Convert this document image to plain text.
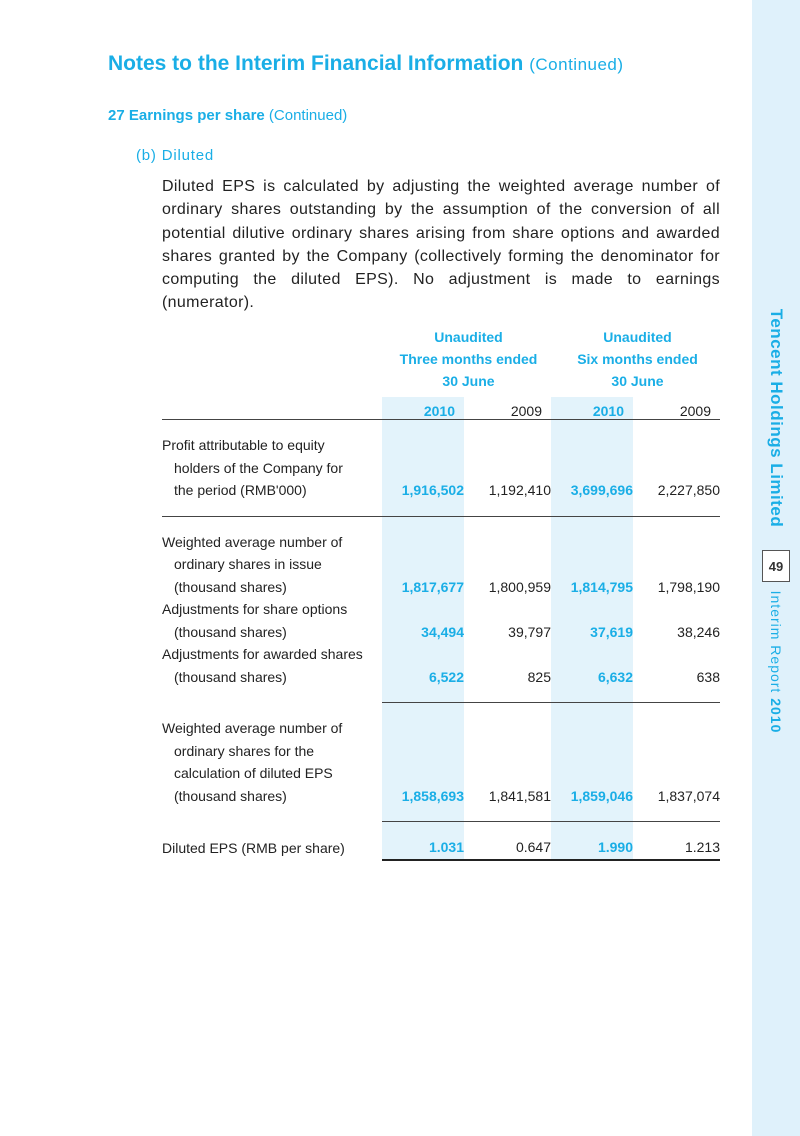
Tencent Holdings Limited
49
Interim Report 2010
Notes to the Interim Financial Information (Continued)
27 Earnings per share (Continued)
(b) Diluted

Diluted EPS is calculated by adjusting the weighted average number of ordinary shares outstanding by the assumption of the conversion of all potential dilutive ordinary shares arising from share options and awarded shares granted by the Company (collectively forming the denominator for computing the diluted EPS). No adjustment is made to earnings (numerator).

Unaudited
Three months ended
30 June
Unaudited
Six months ended
30 June
	2010	2009	2010	2009

Profit attributable to equity
holders of the Company for
the period (RMB'000)	1,916,502	1,192,410	3,699,696	2,227,850

Weighted average number of
ordinary shares in issue
(thousand shares)	1,817,677	1,800,959	1,814,795	1,798,190
Adjustments for share options
(thousand shares)	34,494	39,797	37,619	38,246
Adjustments for awarded shares
(thousand shares)	6,522	825	6,632	638

Weighted average number of
ordinary shares for the
calculation of diluted EPS
(thousand shares)	1,858,693	1,841,581	1,859,046	1,837,074

Diluted EPS (RMB per share)	1.031	0.647	1.990	1.213
